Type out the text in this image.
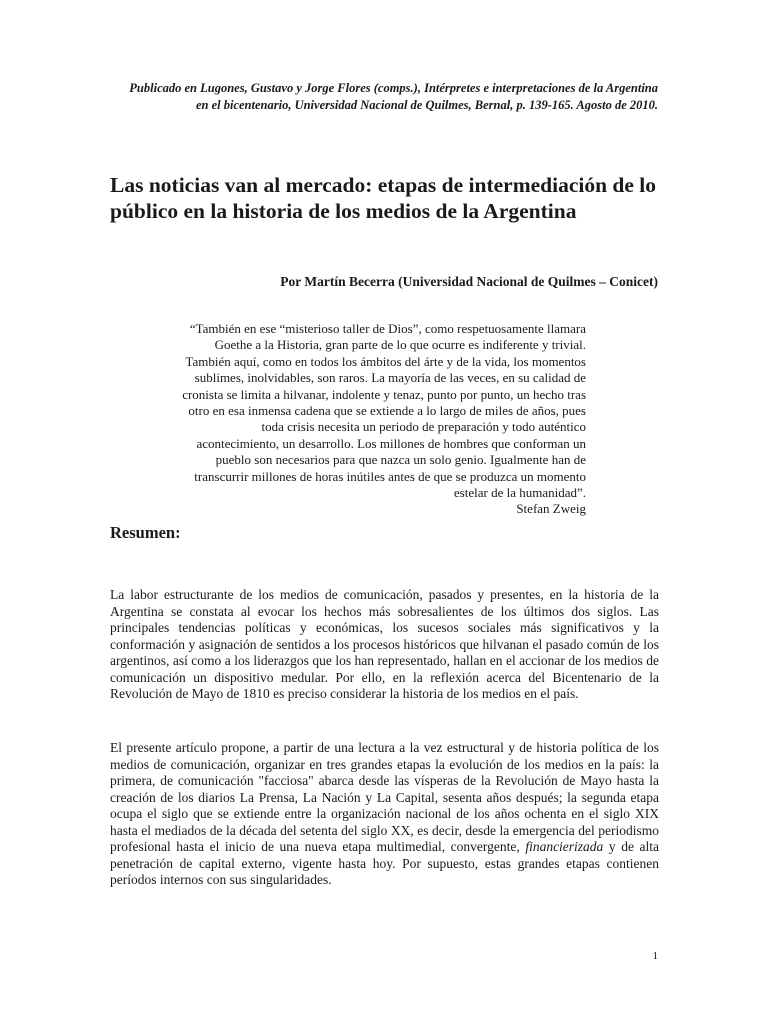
Publicado en Lugones, Gustavo y Jorge Flores (comps.), Intérpretes e interpretaciones de la Argentina en el bicentenario, Universidad Nacional de Quilmes, Bernal, p. 139-165. Agosto de 2010.
Las noticias van al mercado: etapas de intermediación de lo público en la historia de los medios de la Argentina
Por Martín Becerra (Universidad Nacional de Quilmes – Conicet)

“También en ese “misterioso taller de Dios”, como respetuosamente llamara Goethe a la Historia, gran parte de lo que ocurre es indiferente y trivial. También aquí, como en todos los ámbitos del árte y de la vida, los momentos sublimes, inolvidables, son raros. La mayoría de las veces, en su calidad de cronista se limita a hilvanar, indolente y tenaz, punto por punto, un hecho tras otro en esa inmensa cadena que se extiende a lo largo de miles de años, pues toda crisis necesita un periodo de preparación y todo auténtico acontecimiento, un desarrollo. Los millones de hombres que conforman un pueblo son necesarios para que nazca un solo genio. Igualmente han de transcurrir millones de horas inútiles antes de que se produzca un momento estelar de la humanidad”.

Stefan Zweig

Resumen:

La labor estructurante de los medios de comunicación, pasados y presentes, en la historia de la Argentina se constata al evocar los hechos más sobresalientes de los últimos dos siglos. Las principales tendencias políticas y económicas, los sucesos sociales más significativos y la conformación y asignación de sentidos a los procesos históricos que hilvanan el pasado común de los argentinos, así como a los liderazgos que los han representado, hallan en el accionar de los medios de comunicación un dispositivo medular. Por ello, en la reflexión acerca del Bicentenario de la Revolución de Mayo de 1810 es preciso considerar la historia de los medios en el país.

El presente artículo propone, a partir de una lectura a la vez estructural y de historia política de los medios de comunicación, organizar en tres grandes etapas la evolución de los medios en la país: la primera, de comunicación "facciosa" abarca desde las vísperas de la Revolución de Mayo hasta la creación de los diarios La Prensa, La Nación y La Capital, sesenta años después; la segunda etapa ocupa el siglo que se extiende entre la organización nacional de los años ochenta en el siglo XIX hasta el mediados de la década del setenta del siglo XX, es decir, desde la emergencia del periodismo profesional hasta el inicio de una nueva etapa multimedial, convergente, financierizada y de alta penetración de capital externo, vigente hasta hoy. Por supuesto, estas grandes etapas contienen períodos internos con sus singularidades.

1
